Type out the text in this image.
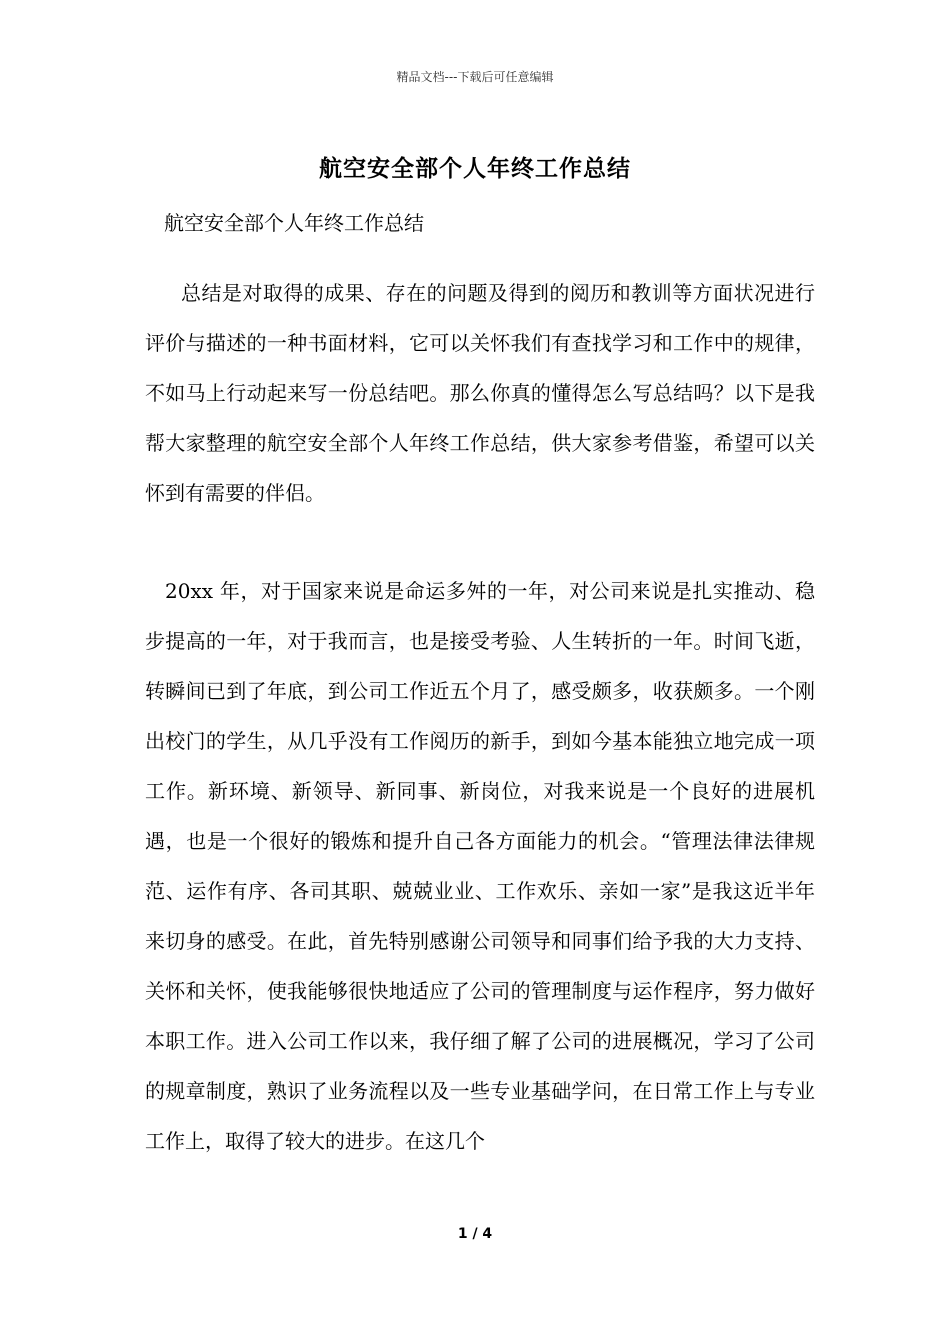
精品文档---下载后可任意编辑
航空安全部个人年终工作总结
航空安全部个人年终工作总结

总结是对取得的成果、存在的问题及得到的阅历和教训等方面状况进行评价与描述的一种书面材料，它可以关怀我们有查找学习和工作中的规律，不如马上行动起来写一份总结吧。那么你真的懂得怎么写总结吗？以下是我帮大家整理的航空安全部个人年终工作总结，供大家参考借鉴，希望可以关怀到有需要的伴侣。

20xx 年，对于国家来说是命运多舛的一年，对公司来说是扎实推动、稳步提高的一年，对于我而言，也是接受考验、人生转折的一年。时间飞逝，转瞬间已到了年底，到公司工作近五个月了，感受颇多，收获颇多。一个刚出校门的学生，从几乎没有工作阅历的新手，到如今基本能独立地完成一项工作。新环境、新领导、新同事、新岗位，对我来说是一个良好的进展机遇，也是一个很好的锻炼和提升自己各方面能力的机会。“管理法律法律规范、运作有序、各司其职、兢兢业业、工作欢乐、亲如一家”是我这近半年来切身的感受。在此，首先特别感谢公司领导和同事们给予我的大力支持、关怀和关怀，使我能够很快地适应了公司的管理制度与运作程序，努力做好本职工作。进入公司工作以来，我仔细了解了公司的进展概况，学习了公司的规章制度，熟识了业务流程以及一些专业基础学问，在日常工作上与专业工作上，取得了较大的进步。在这几个

1 / 4
